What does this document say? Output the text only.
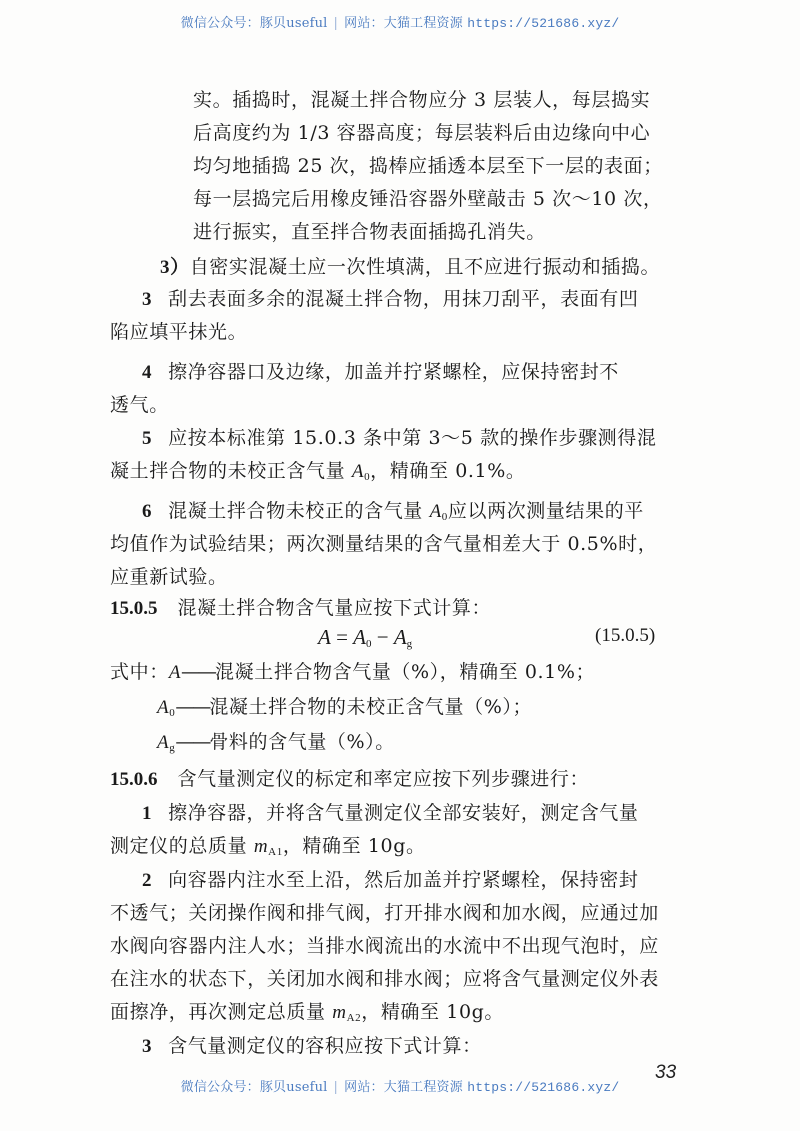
微信公众号：豚贝useful | 网站：大猫工程资源 https://521686.xyz/
实。插捣时，混凝土拌合物应分 3 层装人，每层捣实
后高度约为 1/3 容器高度；每层装料后由边缘向中心
均匀地插捣 25 次，捣棒应插透本层至下一层的表面；
每一层捣完后用橡皮锤沿容器外壁敲击 5 次～10 次，
进行振实，直至拌合物表面插捣孔消失。
3）自密实混凝土应一次性填满，且不应进行振动和插捣。
3 刮去表面多余的混凝土拌合物，用抹刀刮平，表面有凹
陷应填平抹光。
4 擦净容器口及边缘，加盖并拧紧螺栓，应保持密封不
透气。
5 应按本标准第 15.0.3 条中第 3～5 款的操作步骤测得混
凝土拌合物的未校正含气量 $A_0$，精确至 0.1%。
6 混凝土拌合物未校正的含气量 $A_0$应以两次测量结果的平
均值作为试验结果；两次测量结果的含气量相差大于 0.5%时，
应重新试验。
15.0.5 混凝土拌合物含气量应按下式计算：
$A = A_0 - A_g$	(15.0.5)
式中：A——混凝土拌合物含气量（%），精确至 0.1%；
$A_0——$混凝土拌合物的未校正含气量（%）；
$A_g——$骨料的含气量（%）。
15.0.6 含气量测定仪的标定和率定应按下列步骤进行：
1 擦净容器，并将含气量测定仪全部安装好，测定含气量
测定仪的总质量 $m_{A1}$，精确至 10g。
2 向容器内注水至上沿，然后加盖并拧紧螺栓，保持密封
不透气；关闭操作阀和排气阀，打开排水阀和加水阀，应通过加
水阀向容器内注人水；当排水阀流出的水流中不出现气泡时，应
在注水的状态下，关闭加水阀和排水阀；应将含气量测定仪外表
面擦净，再次测定总质量 $m_{A2}$，精确至 10g。
3 含气量测定仪的容积应按下式计算：
33
微信公众号：豚贝useful | 网站：大猫工程资源 https://521686.xyz/
